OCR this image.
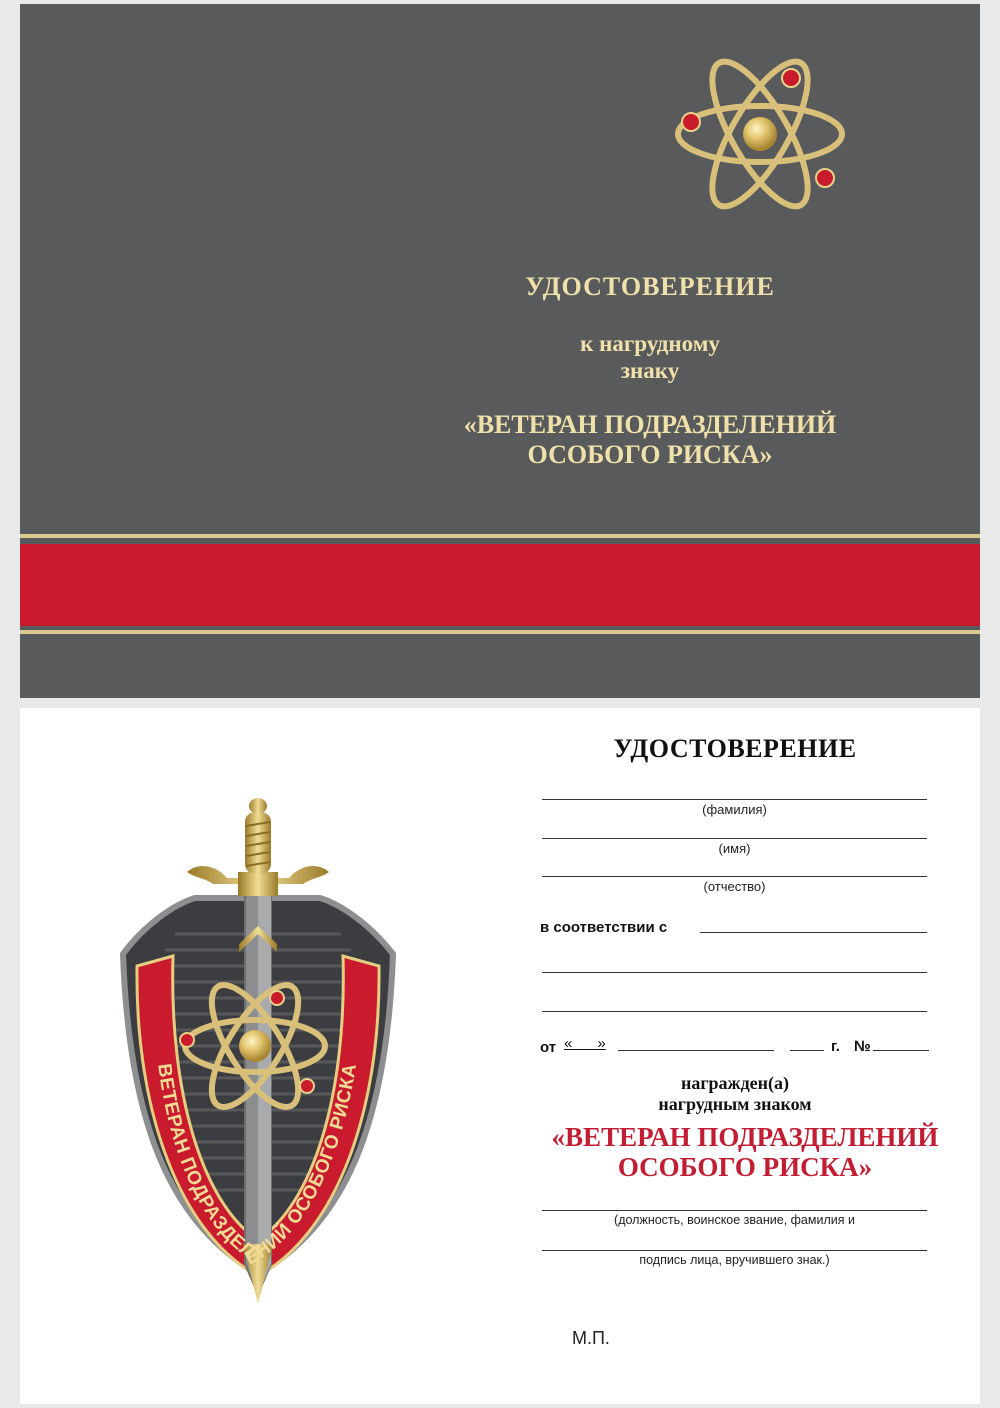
УДОСТОВЕРЕНИЕ
к нагрудному
знаку
«ВЕТЕРАН ПОДРАЗДЕЛЕНИЙ
ОСОБОГО РИСКА»
ВЕТЕРАН ПОДРАЗДЕЛЕНИЙ ОСОБОГО РИСКА
УДОСТОВЕРЕНИЕ
(фамилия)
(имя)
(отчество)
в соответствии с
от «      »	г. №
награжден(а)
нагрудным знаком
«ВЕТЕРАН ПОДРАЗДЕЛЕНИЙ
ОСОБОГО РИСКА»
(должность, воинское звание, фамилия и
подпись лица, вручившего знак.)
М.П.
